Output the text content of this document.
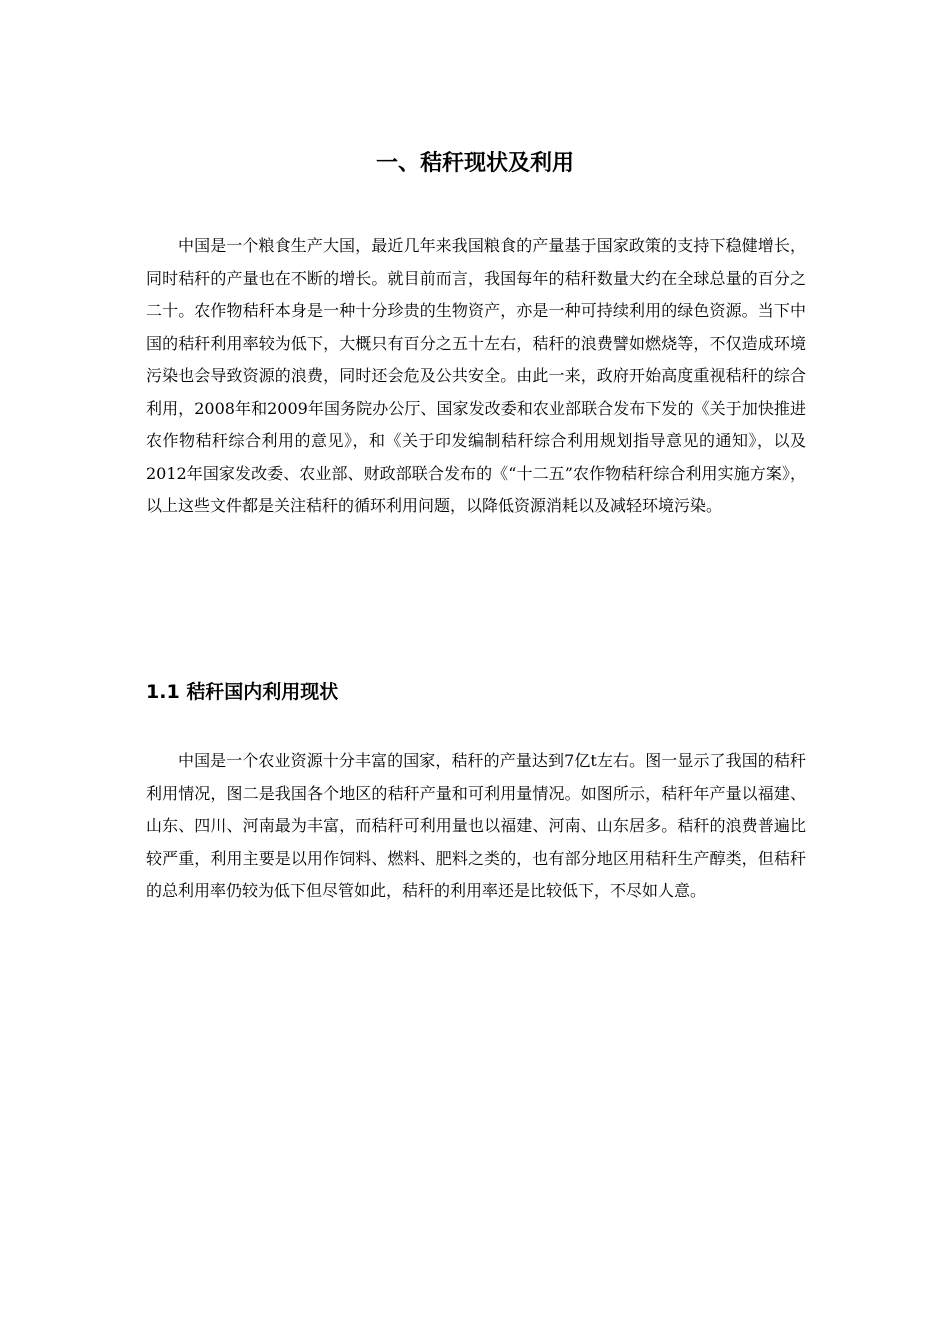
一、秸秆现状及利用

中国是一个粮食生产大国，最近几年来我国粮食的产量基于国家政策的支持下稳健增长，同时秸秆的产量也在不断的增长。就目前而言，我国每年的秸秆数量大约在全球总量的百分之二十。农作物秸秆本身是一种十分珍贵的生物资产，亦是一种可持续利用的绿色资源。当下中国的秸秆利用率较为低下，大概只有百分之五十左右，秸秆的浪费譬如燃烧等，不仅造成环境污染也会导致资源的浪费，同时还会危及公共安全。由此一来，政府开始高度重视秸秆的综合利用，2008年和2009年国务院办公厅、国家发改委和农业部联合发布下发的《关于加快推进农作物秸秆综合利用的意见》，和《关于印发编制秸秆综合利用规划指导意见的通知》，以及2012年国家发改委、农业部、财政部联合发布的《“十二五”农作物秸秆综合利用实施方案》，以上这些文件都是关注秸秆的循环利用问题，以降低资源消耗以及减轻环境污染。

1.1 秸秆国内利用现状

中国是一个农业资源十分丰富的国家，秸秆的产量达到7亿t左右。图一显示了我国的秸秆利用情况，图二是我国各个地区的秸秆产量和可利用量情况。如图所示，秸秆年产量以福建、山东、四川、河南最为丰富，而秸秆可利用量也以福建、河南、山东居多。秸秆的浪费普遍比较严重，利用主要是以用作饲料、燃料、肥料之类的，也有部分地区用秸秆生产醇类，但秸秆的总利用率仍较为低下但尽管如此，秸秆的利用率还是比较低下，不尽如人意。
